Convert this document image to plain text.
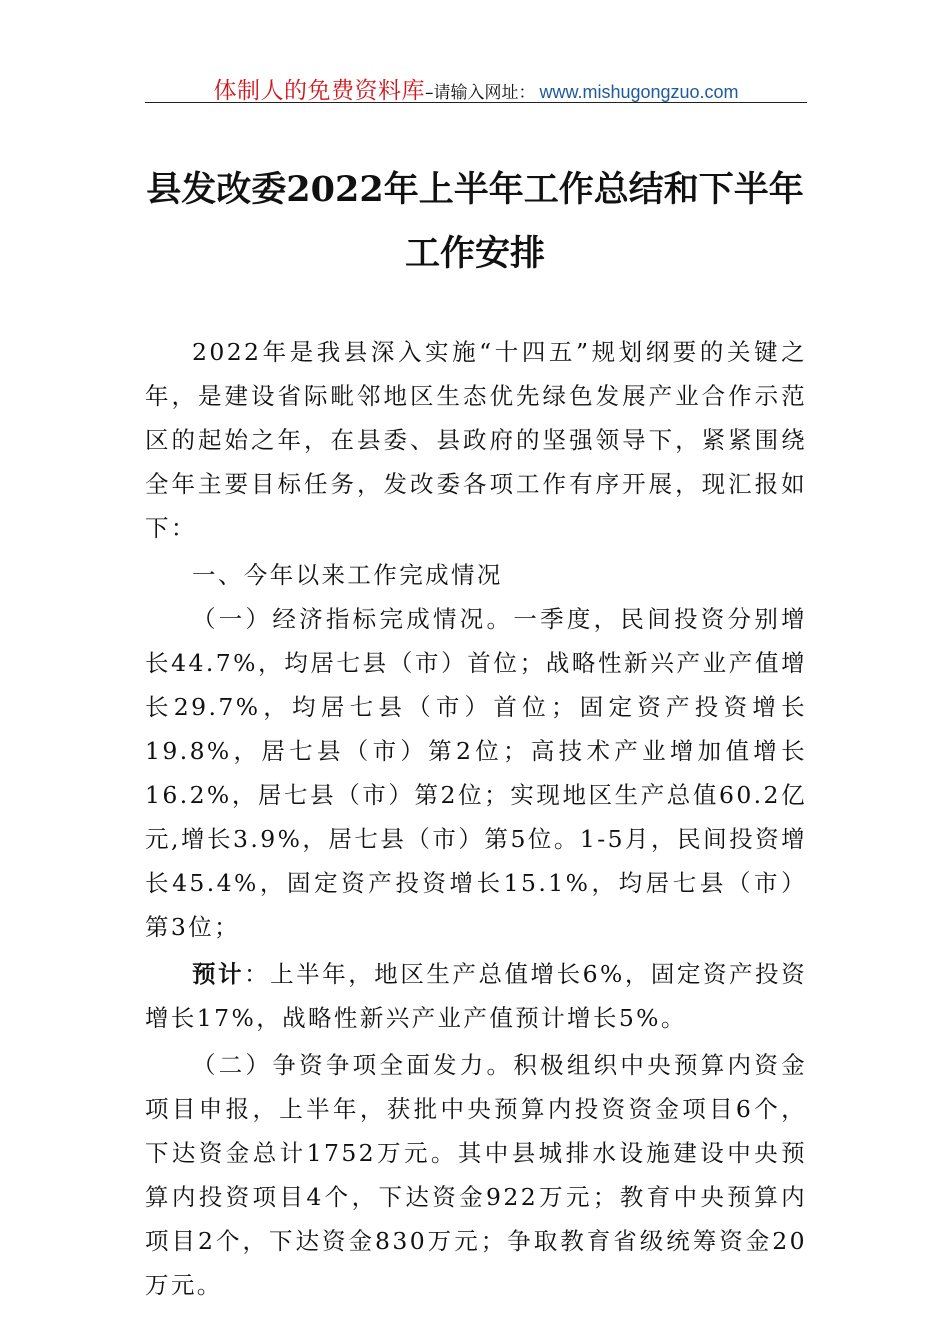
体制人的免费资料库–请输入网址： www.mishugongzuo.com
县发改委2022年上半年工作总结和下半年
工作安排

2022年是我县深入实施“十四五”规划纲要的关键之年，是建设省际毗邻地区生态优先绿色发展产业合作示范区的起始之年，在县委、县政府的坚强领导下，紧紧围绕全年主要目标任务，发改委各项工作有序开展，现汇报如下：

一、今年以来工作完成情况

（一）经济指标完成情况。一季度，民间投资分别增长44.7%，均居七县（市）首位；战略性新兴产业产值增长29.7%，均居七县（市）首位；固定资产投资增长19.8%，居七县（市）第2位；高技术产业增加值增长16.2%，居七县（市）第2位；实现地区生产总值60.2亿元,增长3.9%，居七县（市）第5位。1-5月，民间投资增长45.4%，固定资产投资增长15.1%，均居七县（市）第3位；

预计：上半年，地区生产总值增长6%，固定资产投资增长17%，战略性新兴产业产值预计增长5%。

（二）争资争项全面发力。积极组织中央预算内资金项目申报，上半年，获批中央预算内投资资金项目6个，下达资金总计1752万元。其中县城排水设施建设中央预算内投资项目4个，下达资金922万元；教育中央预算内项目2个，下达资金830万元；争取教育省级统筹资金20万元。
